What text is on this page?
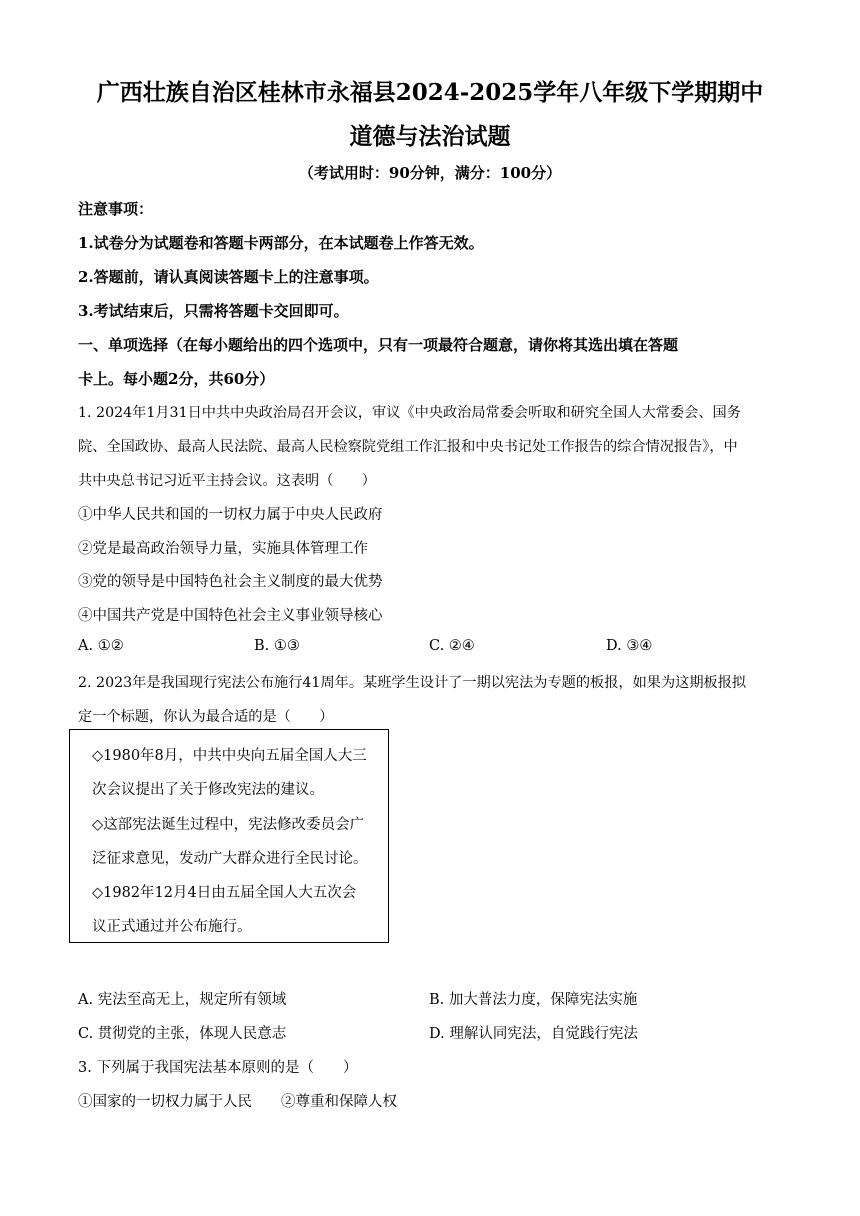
广西壮族自治区桂林市永福县2024-2025学年八年级下学期期中
道德与法治试题
（考试用时：90分钟，满分：100分）
注意事项：
1.试卷分为试题卷和答题卡两部分，在本试题卷上作答无效。
2.答题前，请认真阅读答题卡上的注意事项。
3.考试结束后，只需将答题卡交回即可。
一、单项选择（在每小题给出的四个选项中，只有一项最符合题意，请你将其选出填在答题
卡上。每小题2分，共60分）
1. 2024年1月31日中共中央政治局召开会议，审议《中央政治局常委会听取和研究全国人大常委会、国务
院、全国政协、最高人民法院、最高人民检察院党组工作汇报和中央书记处工作报告的综合情况报告》，中
共中央总书记习近平主持会议。这表明（　　）
①中华人民共和国的一切权力属于中央人民政府
②党是最高政治领导力量，实施具体管理工作
③党的领导是中国特色社会主义制度的最大优势
④中国共产党是中国特色社会主义事业领导核心
A. ①②	B. ①③	C. ②④	D. ③④
2. 2023年是我国现行宪法公布施行41周年。某班学生设计了一期以宪法为专题的板报，如果为这期板报拟
定一个标题，你认为最合适的是（　　）
◇1980年8月，中共中央向五届全国人大三
次会议提出了关于修改宪法的建议。
◇这部宪法诞生过程中，宪法修改委员会广
泛征求意见，发动广大群众进行全民讨论。
◇1982年12月4日由五届全国人大五次会
议正式通过并公布施行。
A. 宪法至高无上，规定所有领域	B. 加大普法力度，保障宪法实施
C. 贯彻党的主张，体现人民意志	D. 理解认同宪法，自觉践行宪法
3. 下列属于我国宪法基本原则的是（　　）
①国家的一切权力属于人民　　②尊重和保障人权
